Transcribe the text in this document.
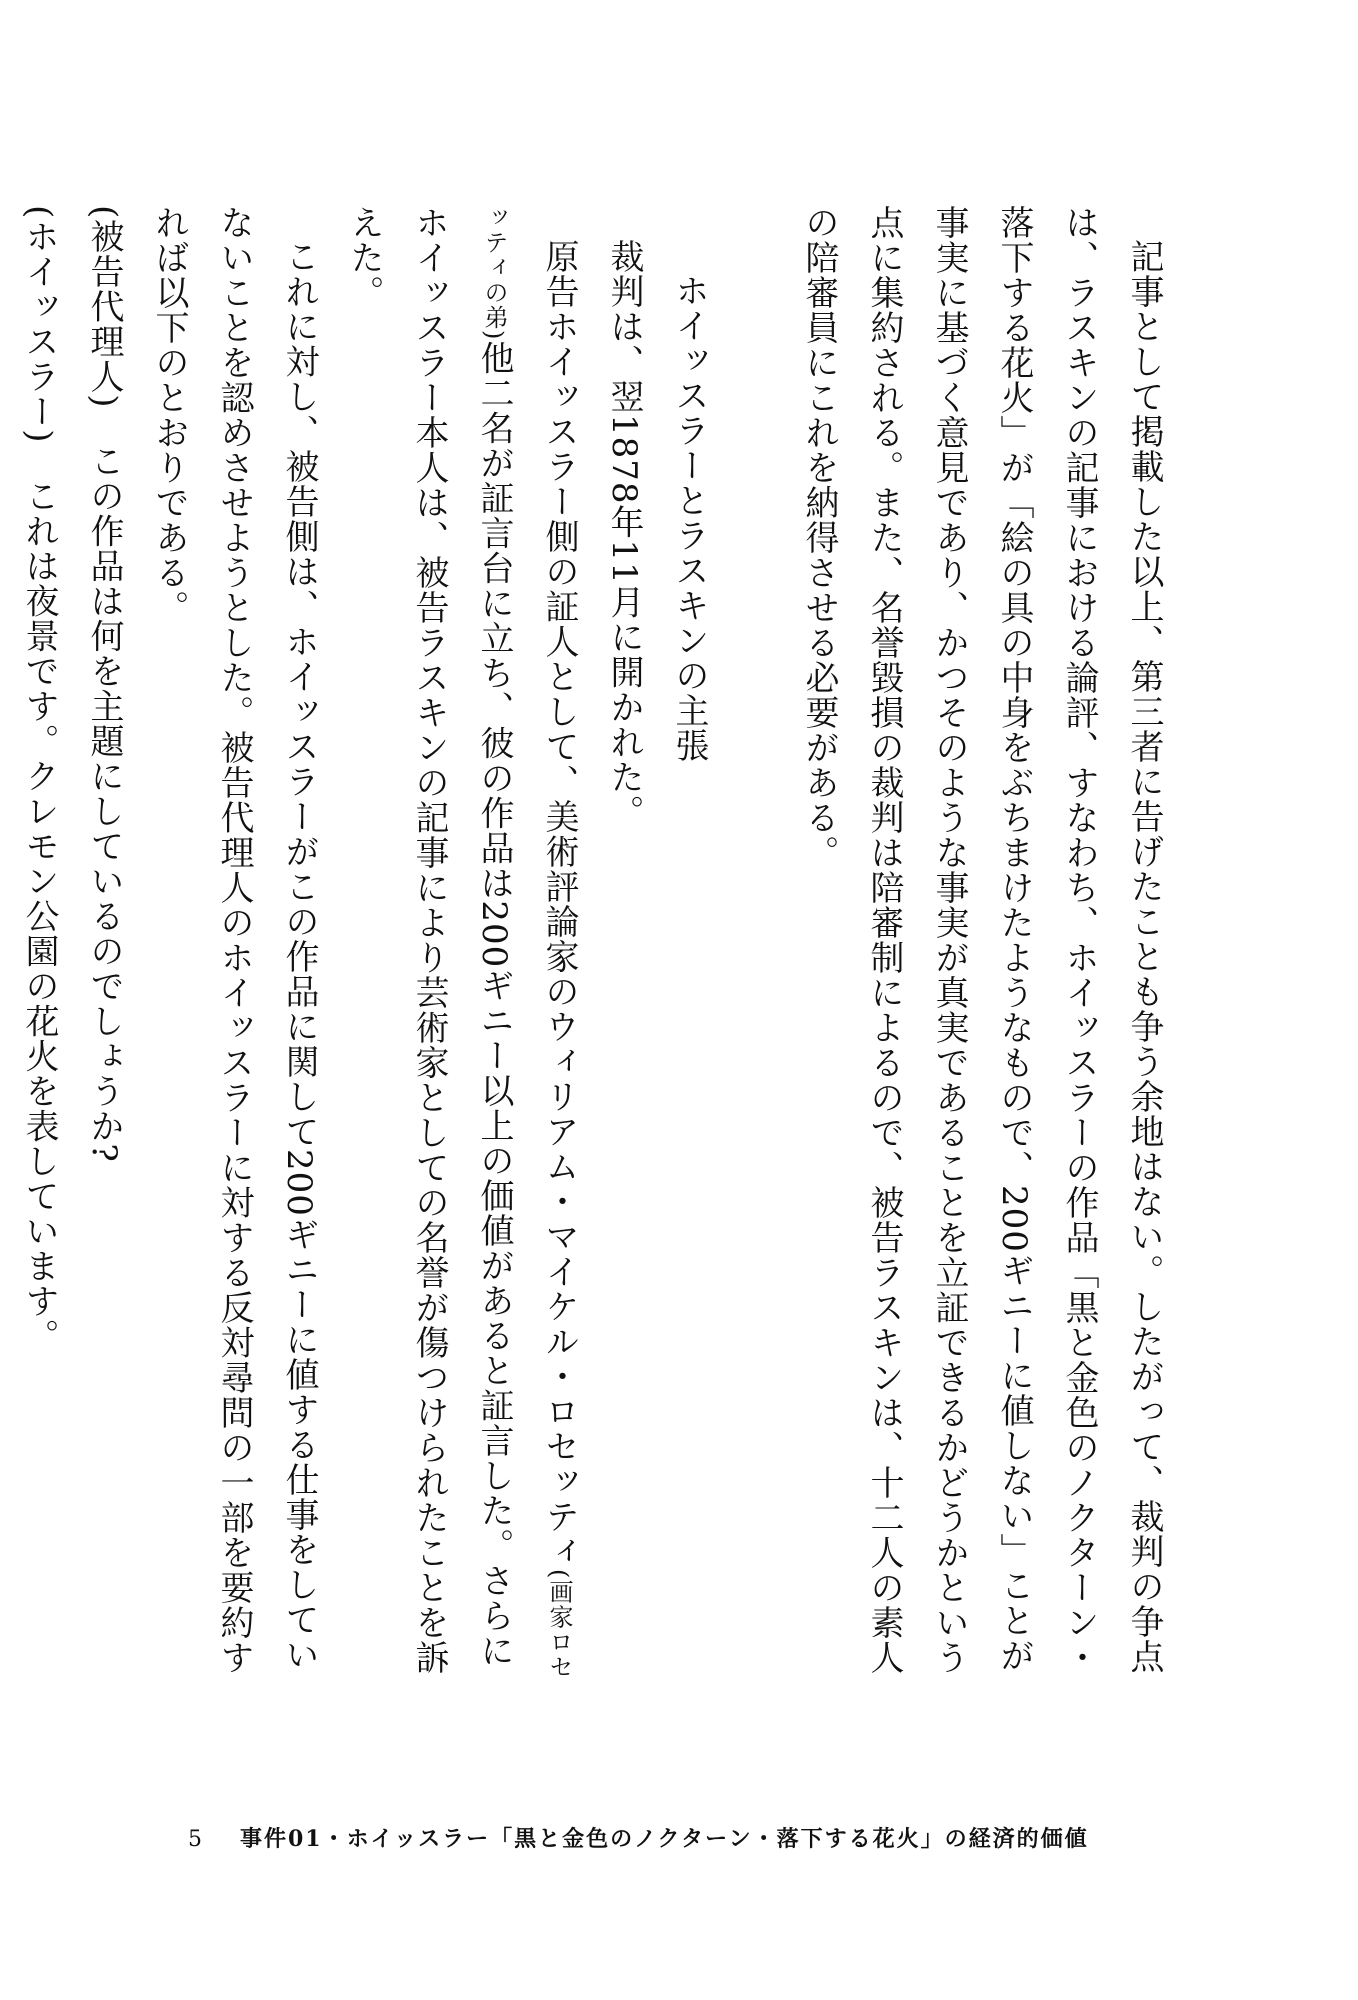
記事として掲載した以上、第三者に告げたことも争う余地はない。したがって、裁判の争点は、ラスキンの記事における論評、すなわち、ホイッスラーの作品「黒と金色のノクターン・落下する花火」が「絵の具の中身をぶちまけたようなもので、200ギニーに値しない」ことが事実に基づく意見であり、かつそのような事実が真実であることを立証できるかどうかという点に集約される。また、名誉毀損の裁判は陪審制によるので、被告ラスキンは、十二人の素人の陪審員にこれを納得させる必要がある。

ホイッスラーとラスキンの主張

裁判は、翌1878年11月に開かれた。

原告ホイッスラー側の証人として、美術評論家のウィリアム・マイケル・ロセッティ(画家ロセッティの弟)他二名が証言台に立ち、彼の作品は200ギニー以上の価値があると証言した。さらにホイッスラー本人は、被告ラスキンの記事により芸術家としての名誉が傷つけられたことを訴えた。

これに対し、被告側は、ホイッスラーがこの作品に関して200ギニーに値する仕事をしていないことを認めさせようとした。被告代理人のホイッスラーに対する反対尋問の一部を要約すれば以下のとおりである。

(被告代理人)　この作品は何を主題にしているのでしょうか?

(ホイッスラー)　これは夜景です。クレモン公園の花火を表しています。

5 事件01・ホイッスラー「黒と金色のノクターン・落下する花火」の経済的価値
